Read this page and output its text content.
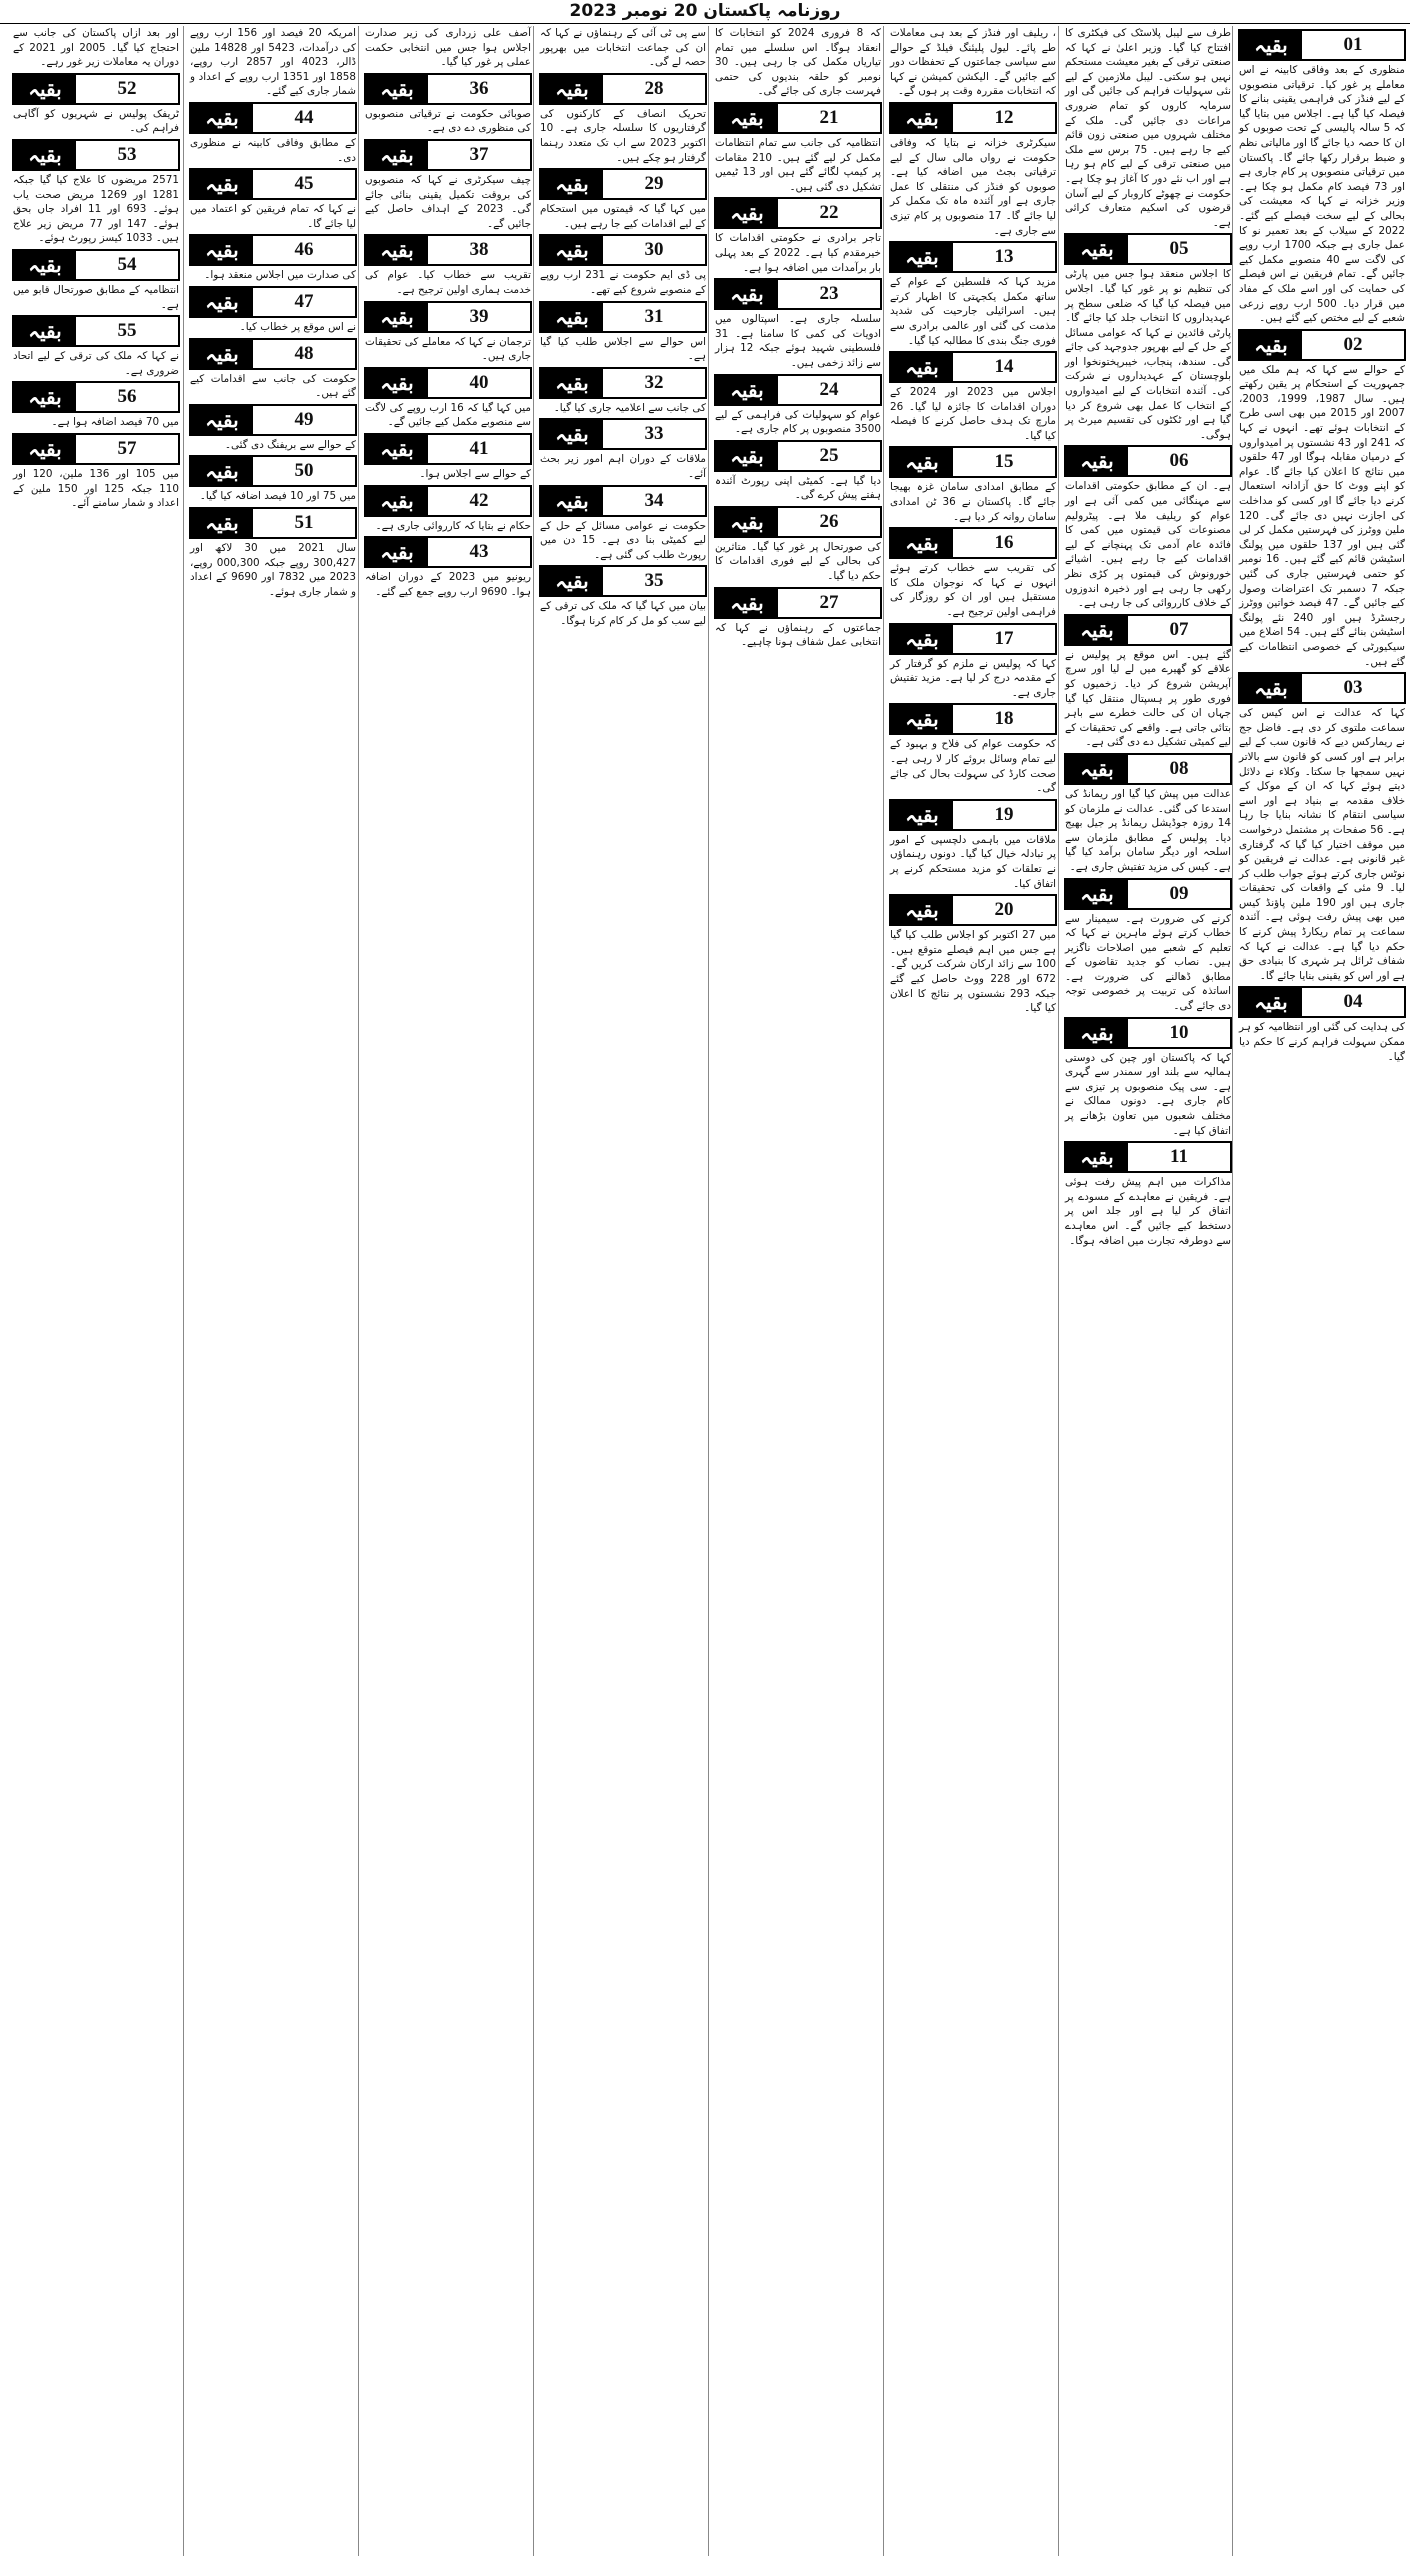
روزنامہ پاکستان 20 نومبر 2023
بقیہ	01

منظوری کے بعد وفاقی کابینہ نے اس معاملے پر غور کیا۔ ترقیاتی منصوبوں کے لیے فنڈز کی فراہمی یقینی بنانے کا فیصلہ کیا گیا ہے۔ اجلاس میں بتایا گیا کہ 5 سالہ پالیسی کے تحت صوبوں کو ان کا حصہ دیا جائے گا اور مالیاتی نظم و ضبط برقرار رکھا جائے گا۔ پاکستان میں ترقیاتی منصوبوں پر کام جاری ہے اور 73 فیصد کام مکمل ہو چکا ہے۔ وزیر خزانہ نے کہا کہ معیشت کی بحالی کے لیے سخت فیصلے کیے گئے۔ 2022 کے سیلاب کے بعد تعمیر نو کا عمل جاری ہے جبکہ 1700 ارب روپے کی لاگت سے 40 منصوبے مکمل کیے جائیں گے۔ تمام فریقین نے اس فیصلے کی حمایت کی اور اسے ملک کے مفاد میں قرار دیا۔ 500 ارب روپے زرعی شعبے کے لیے مختص کیے گئے ہیں۔

بقیہ	02

کے حوالے سے کہا کہ ہم ملک میں جمہوریت کے استحکام پر یقین رکھتے ہیں۔ سال 1987، 1999، 2003، 2007 اور 2015 میں بھی اسی طرح کے انتخابات ہوئے تھے۔ انہوں نے کہا کہ 241 اور 43 نشستوں پر امیدواروں کے درمیان مقابلہ ہوگا اور 47 حلقوں میں نتائج کا اعلان کیا جائے گا۔ عوام کو اپنے ووٹ کا حق آزادانہ استعمال کرنے دیا جائے گا اور کسی کو مداخلت کی اجازت نہیں دی جائے گی۔ 120 ملین ووٹرز کی فہرستیں مکمل کر لی گئی ہیں اور 137 حلقوں میں پولنگ اسٹیشن قائم کیے گئے ہیں۔ 16 نومبر کو حتمی فہرستیں جاری کی گئیں جبکہ 7 دسمبر تک اعتراضات وصول کیے جائیں گے۔ 47 فیصد خواتین ووٹرز رجسٹرڈ ہیں اور 240 نئے پولنگ اسٹیشن بنائے گئے ہیں۔ 54 اضلاع میں سیکیورٹی کے خصوصی انتظامات کیے گئے ہیں۔

بقیہ	03

کہا کہ عدالت نے اس کیس کی سماعت ملتوی کر دی ہے۔ فاضل جج نے ریمارکس دیے کہ قانون سب کے لیے برابر ہے اور کسی کو قانون سے بالاتر نہیں سمجھا جا سکتا۔ وکلاء نے دلائل دیتے ہوئے کہا کہ ان کے موکل کے خلاف مقدمہ بے بنیاد ہے اور اسے سیاسی انتقام کا نشانہ بنایا جا رہا ہے۔ 56 صفحات پر مشتمل درخواست میں موقف اختیار کیا گیا کہ گرفتاری غیر قانونی ہے۔ عدالت نے فریقین کو نوٹس جاری کرتے ہوئے جواب طلب کر لیا۔ 9 مئی کے واقعات کی تحقیقات جاری ہیں اور 190 ملین پاؤنڈ کیس میں بھی پیش رفت ہوئی ہے۔ آئندہ سماعت پر تمام ریکارڈ پیش کرنے کا حکم دیا گیا ہے۔ عدالت نے کہا کہ شفاف ٹرائل ہر شہری کا بنیادی حق ہے اور اس کو یقینی بنایا جائے گا۔

بقیہ	04

کی ہدایت کی گئی اور انتظامیہ کو ہر ممکن سہولت فراہم کرنے کا حکم دیا گیا۔

طرف سے لیبل پلاسٹک کی فیکٹری کا افتتاح کیا گیا۔ وزیر اعلیٰ نے کہا کہ صنعتی ترقی کے بغیر معیشت مستحکم نہیں ہو سکتی۔ لیبل ملازمین کے لیے نئی سہولیات فراہم کی جائیں گی اور سرمایہ کاروں کو تمام ضروری مراعات دی جائیں گی۔ ملک کے مختلف شہروں میں صنعتی زون قائم کیے جا رہے ہیں۔ 75 برس سے ملک میں صنعتی ترقی کے لیے کام ہو رہا ہے اور اب نئے دور کا آغاز ہو چکا ہے۔ حکومت نے چھوٹے کاروبار کے لیے آسان قرضوں کی اسکیم متعارف کرائی ہے۔

بقیہ	05

کا اجلاس منعقد ہوا جس میں پارٹی کی تنظیم نو پر غور کیا گیا۔ اجلاس میں فیصلہ کیا گیا کہ ضلعی سطح پر عہدیداروں کا انتخاب جلد کیا جائے گا۔ پارٹی قائدین نے کہا کہ عوامی مسائل کے حل کے لیے بھرپور جدوجہد کی جائے گی۔ سندھ، پنجاب، خیبرپختونخوا اور بلوچستان کے عہدیداروں نے شرکت کی۔ آئندہ انتخابات کے لیے امیدواروں کے انتخاب کا عمل بھی شروع کر دیا گیا ہے اور ٹکٹوں کی تقسیم میرٹ پر ہوگی۔

بقیہ	06

ہے۔ ان کے مطابق حکومتی اقدامات سے مہنگائی میں کمی آئی ہے اور عوام کو ریلیف ملا ہے۔ پیٹرولیم مصنوعات کی قیمتوں میں کمی کا فائدہ عام آدمی تک پہنچانے کے لیے اقدامات کیے جا رہے ہیں۔ اشیائے خورونوش کی قیمتوں پر کڑی نظر رکھی جا رہی ہے اور ذخیرہ اندوزوں کے خلاف کارروائی کی جا رہی ہے۔

بقیہ	07

گئے ہیں۔ اس موقع پر پولیس نے علاقے کو گھیرے میں لے لیا اور سرچ آپریشن شروع کر دیا۔ زخمیوں کو فوری طور پر ہسپتال منتقل کیا گیا جہاں ان کی حالت خطرے سے باہر بتائی جاتی ہے۔ واقعے کی تحقیقات کے لیے کمیٹی تشکیل دے دی گئی ہے۔

بقیہ	08

عدالت میں پیش کیا گیا اور ریمانڈ کی استدعا کی گئی۔ عدالت نے ملزمان کو 14 روزہ جوڈیشل ریمانڈ پر جیل بھیج دیا۔ پولیس کے مطابق ملزمان سے اسلحہ اور دیگر سامان برآمد کیا گیا ہے۔ کیس کی مزید تفتیش جاری ہے۔

بقیہ	09

کرنے کی ضرورت ہے۔ سیمینار سے خطاب کرتے ہوئے ماہرین نے کہا کہ تعلیم کے شعبے میں اصلاحات ناگزیر ہیں۔ نصاب کو جدید تقاضوں کے مطابق ڈھالنے کی ضرورت ہے۔ اساتذہ کی تربیت پر خصوصی توجہ دی جائے گی۔

بقیہ	10

کہا کہ پاکستان اور چین کی دوستی ہمالیہ سے بلند اور سمندر سے گہری ہے۔ سی پیک منصوبوں پر تیزی سے کام جاری ہے۔ دونوں ممالک نے مختلف شعبوں میں تعاون بڑھانے پر اتفاق کیا ہے۔

بقیہ	11

مذاکرات میں اہم پیش رفت ہوئی ہے۔ فریقین نے معاہدے کے مسودے پر اتفاق کر لیا ہے اور جلد اس پر دستخط کیے جائیں گے۔ اس معاہدے سے دوطرفہ تجارت میں اضافہ ہوگا۔

، ریلیف اور فنڈز کے بعد ہی معاملات طے پائے۔ لیول پلیئنگ فیلڈ کے حوالے سے سیاسی جماعتوں کے تحفظات دور کیے جائیں گے۔ الیکشن کمیشن نے کہا کہ انتخابات مقررہ وقت پر ہوں گے۔

بقیہ	12

سیکرٹری خزانہ نے بتایا کہ وفاقی حکومت نے رواں مالی سال کے لیے ترقیاتی بجٹ میں اضافہ کیا ہے۔ صوبوں کو فنڈز کی منتقلی کا عمل جاری ہے اور آئندہ ماہ تک مکمل کر لیا جائے گا۔ 17 منصوبوں پر کام تیزی سے جاری ہے۔

بقیہ	13

مزید کہا کہ فلسطین کے عوام کے ساتھ مکمل یکجہتی کا اظہار کرتے ہیں۔ اسرائیلی جارحیت کی شدید مذمت کی گئی اور عالمی برادری سے فوری جنگ بندی کا مطالبہ کیا گیا۔

بقیہ	14

اجلاس میں 2023 اور 2024 کے دوران اقدامات کا جائزہ لیا گیا۔ 26 مارچ تک ہدف حاصل کرنے کا فیصلہ کیا گیا۔

بقیہ	15

کے مطابق امدادی سامان غزہ بھیجا جائے گا۔ پاکستان نے 36 ٹن امدادی سامان روانہ کر دیا ہے۔

بقیہ	16

کی تقریب سے خطاب کرتے ہوئے انہوں نے کہا کہ نوجوان ملک کا مستقبل ہیں اور ان کو روزگار کی فراہمی اولین ترجیح ہے۔

بقیہ	17

کہا کہ پولیس نے ملزم کو گرفتار کر کے مقدمہ درج کر لیا ہے۔ مزید تفتیش جاری ہے۔

بقیہ	18

کہ حکومت عوام کی فلاح و بہبود کے لیے تمام وسائل بروئے کار لا رہی ہے۔ صحت کارڈ کی سہولت بحال کی جائے گی۔

بقیہ	19

ملاقات میں باہمی دلچسپی کے امور پر تبادلہ خیال کیا گیا۔ دونوں رہنماؤں نے تعلقات کو مزید مستحکم کرنے پر اتفاق کیا۔

بقیہ	20

میں 27 اکتوبر کو اجلاس طلب کیا گیا ہے جس میں اہم فیصلے متوقع ہیں۔ 100 سے زائد ارکان شرکت کریں گے۔ 672 اور 228 ووٹ حاصل کیے گئے جبکہ 293 نشستوں پر نتائج کا اعلان کیا گیا۔

کہ 8 فروری 2024 کو انتخابات کا انعقاد ہوگا۔ اس سلسلے میں تمام تیاریاں مکمل کی جا رہی ہیں۔ 30 نومبر کو حلقہ بندیوں کی حتمی فہرست جاری کی جائے گی۔

بقیہ	21

انتظامیہ کی جانب سے تمام انتظامات مکمل کر لیے گئے ہیں۔ 210 مقامات پر کیمپ لگائے گئے ہیں اور 13 ٹیمیں تشکیل دی گئی ہیں۔

بقیہ	22

تاجر برادری نے حکومتی اقدامات کا خیرمقدم کیا ہے۔ 2022 کے بعد پہلی بار برآمدات میں اضافہ ہوا ہے۔

بقیہ	23

سلسلہ جاری ہے۔ اسپتالوں میں ادویات کی کمی کا سامنا ہے۔ 31 فلسطینی شہید ہوئے جبکہ 12 ہزار سے زائد زخمی ہیں۔

بقیہ	24

عوام کو سہولیات کی فراہمی کے لیے 3500 منصوبوں پر کام جاری ہے۔

بقیہ	25

دیا گیا ہے۔ کمیٹی اپنی رپورٹ آئندہ ہفتے پیش کرے گی۔

بقیہ	26

کی صورتحال پر غور کیا گیا۔ متاثرین کی بحالی کے لیے فوری اقدامات کا حکم دیا گیا۔

بقیہ	27

جماعتوں کے رہنماؤں نے کہا کہ انتخابی عمل شفاف ہونا چاہیے۔

سے پی ٹی آئی کے رہنماؤں نے کہا کہ ان کی جماعت انتخابات میں بھرپور حصہ لے گی۔

بقیہ	28

تحریک انصاف کے کارکنوں کی گرفتاریوں کا سلسلہ جاری ہے۔ 10 اکتوبر 2023 سے اب تک متعدد رہنما گرفتار ہو چکے ہیں۔

بقیہ	29

میں کہا گیا کہ قیمتوں میں استحکام کے لیے اقدامات کیے جا رہے ہیں۔

بقیہ	30

پی ڈی ایم حکومت نے 231 ارب روپے کے منصوبے شروع کیے تھے۔

بقیہ	31

اس حوالے سے اجلاس طلب کیا گیا ہے۔

بقیہ	32

کی جانب سے اعلامیہ جاری کیا گیا۔

بقیہ	33

ملاقات کے دوران اہم امور زیر بحث آئے۔

بقیہ	34

حکومت نے عوامی مسائل کے حل کے لیے کمیٹی بنا دی ہے۔ 15 دن میں رپورٹ طلب کی گئی ہے۔

بقیہ	35

بیان میں کہا گیا کہ ملک کی ترقی کے لیے سب کو مل کر کام کرنا ہوگا۔

آصف علی زرداری کی زیر صدارت اجلاس ہوا جس میں انتخابی حکمت عملی پر غور کیا گیا۔

بقیہ	36

صوبائی حکومت نے ترقیاتی منصوبوں کی منظوری دے دی ہے۔

بقیہ	37

چیف سیکرٹری نے کہا کہ منصوبوں کی بروقت تکمیل یقینی بنائی جائے گی۔ 2023 کے اہداف حاصل کیے جائیں گے۔

بقیہ	38

تقریب سے خطاب کیا۔ عوام کی خدمت ہماری اولین ترجیح ہے۔

بقیہ	39

ترجمان نے کہا کہ معاملے کی تحقیقات جاری ہیں۔

بقیہ	40

میں کہا گیا کہ 16 ارب روپے کی لاگت سے منصوبے مکمل کیے جائیں گے۔

بقیہ	41

کے حوالے سے اجلاس ہوا۔

بقیہ	42

حکام نے بتایا کہ کارروائی جاری ہے۔

بقیہ	43

ریونیو میں 2023 کے دوران اضافہ ہوا۔ 9690 ارب روپے جمع کیے گئے۔

امریکہ 20 فیصد اور 156 ارب روپے کی درآمدات، 5423 اور 14828 ملین ڈالر، 4023 اور 2857 ارب روپے، 1858 اور 1351 ارب روپے کے اعداد و شمار جاری کیے گئے۔

بقیہ	44

کے مطابق وفاقی کابینہ نے منظوری دی۔

بقیہ	45

نے کہا کہ تمام فریقین کو اعتماد میں لیا جائے گا۔

بقیہ	46

کی صدارت میں اجلاس منعقد ہوا۔

بقیہ	47

نے اس موقع پر خطاب کیا۔

بقیہ	48

حکومت کی جانب سے اقدامات کیے گئے ہیں۔

بقیہ	49

کے حوالے سے بریفنگ دی گئی۔

بقیہ	50

میں 75 اور 10 فیصد اضافہ کیا گیا۔

بقیہ	51

سال 2021 میں 30 لاکھ اور 300,427 روپے جبکہ 000,300 روپے، 2023 میں 7832 اور 9690 کے اعداد و شمار جاری ہوئے۔

اور بعد ازاں پاکستان کی جانب سے احتجاج کیا گیا۔ 2005 اور 2021 کے دوران یہ معاملات زیر غور رہے۔

بقیہ	52

ٹریفک پولیس نے شہریوں کو آگاہی فراہم کی۔

بقیہ	53

2571 مریضوں کا علاج کیا گیا جبکہ 1281 اور 1269 مریض صحت یاب ہوئے۔ 693 اور 11 افراد جاں بحق ہوئے۔ 147 اور 77 مریض زیر علاج ہیں۔ 1033 کیسز رپورٹ ہوئے۔

بقیہ	54

انتظامیہ کے مطابق صورتحال قابو میں ہے۔

بقیہ	55

نے کہا کہ ملک کی ترقی کے لیے اتحاد ضروری ہے۔

بقیہ	56

میں 70 فیصد اضافہ ہوا ہے۔

بقیہ	57

میں 105 اور 136 ملین، 120 اور 110 جبکہ 125 اور 150 ملین کے اعداد و شمار سامنے آئے۔
